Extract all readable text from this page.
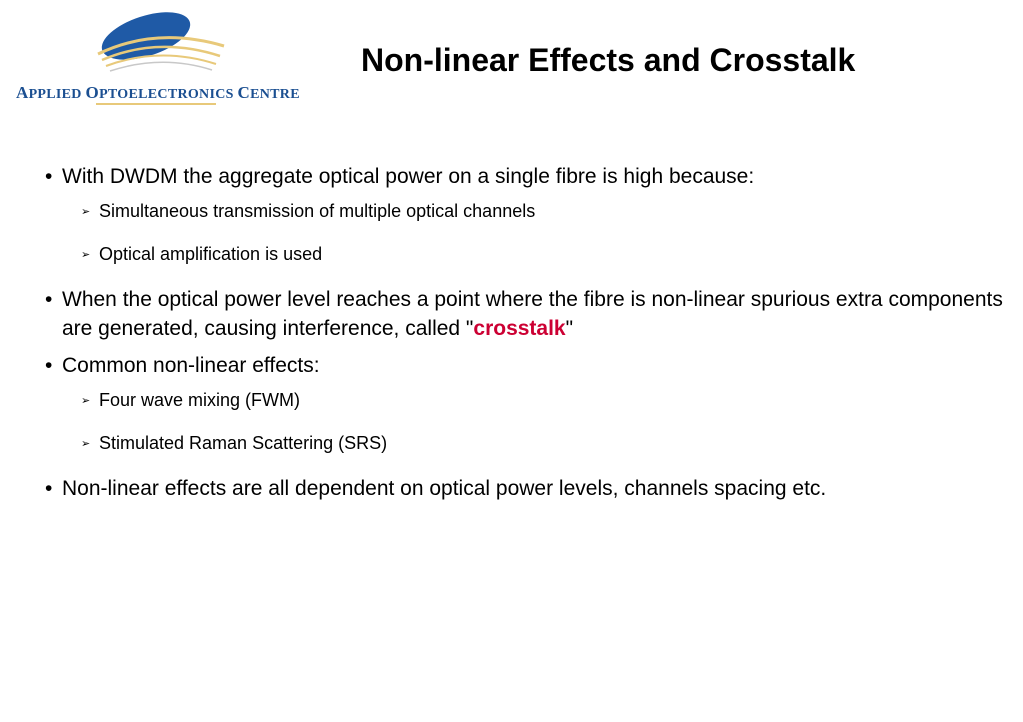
APPLIED OPTOELECTRONICS CENTRE
Non-linear Effects and Crosstalk
• With DWDM the aggregate optical power on a single fibre is high because:
➢ Simultaneous transmission of multiple optical channels
➢ Optical amplification is used
• When the optical power level reaches a point where the fibre is non-linear spurious extra components are generated, causing interference, called "crosstalk"
• Common non-linear effects:
➢ Four wave mixing (FWM)
➢ Stimulated Raman Scattering (SRS)
• Non-linear effects are all dependent on optical power levels, channels spacing etc.
